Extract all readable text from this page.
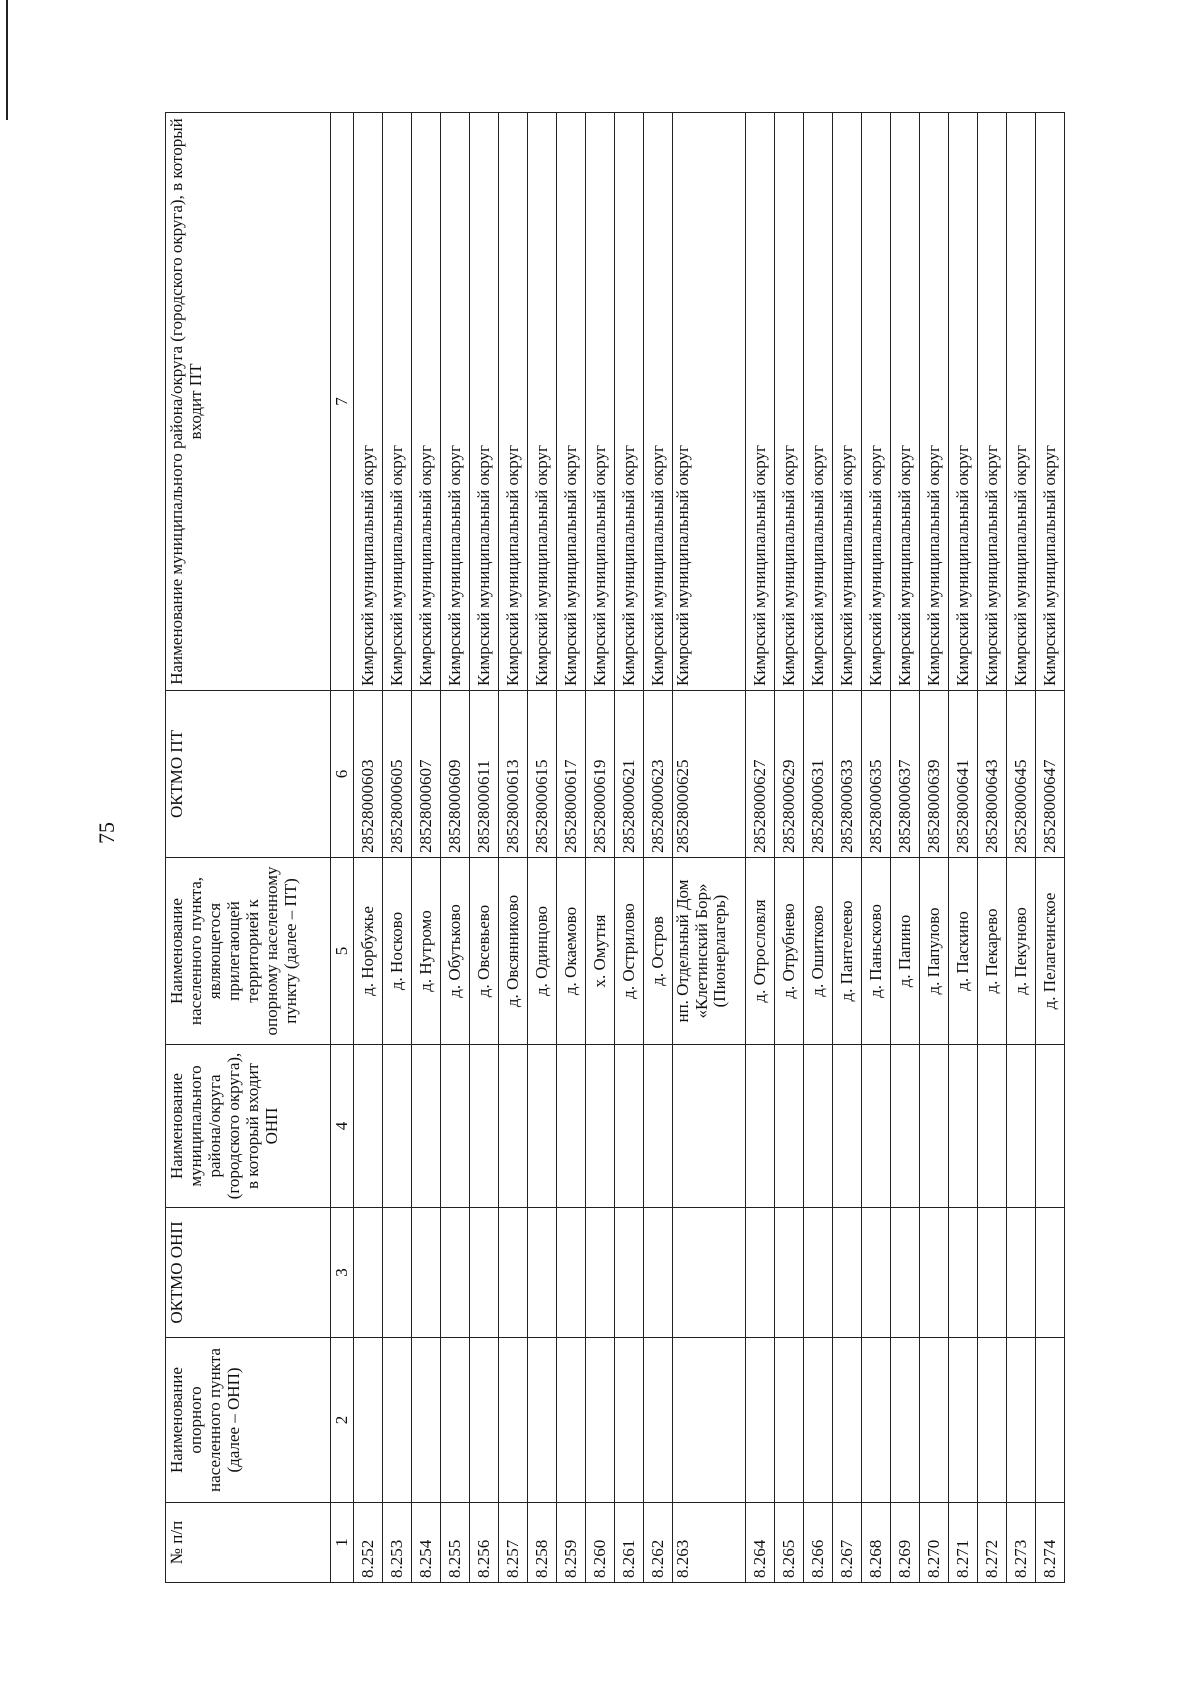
75
№ п/п	Наименование опорного населенного пункта (далее – ОНП)	ОКТМО ОНП	Наименование муниципального района/округа (городского округа), в который входит ОНП	Наименование населенного пункта, являющегося прилегающей территорией к опорному населенному пункту (далее – ПТ)	ОКТМО ПТ	Наименование муниципального района/округа (городского округа), в который входит ПТ
1	2	3	4	5	6	7
8.252				д. Норбужье	28528000603	Кимрский муниципальный округ
8.253				д. Носково	28528000605	Кимрский муниципальный округ
8.254				д. Нутромо	28528000607	Кимрский муниципальный округ
8.255				д. Обутьково	28528000609	Кимрский муниципальный округ
8.256				д. Овсевьево	28528000611	Кимрский муниципальный округ
8.257				д. Овсянниково	28528000613	Кимрский муниципальный округ
8.258				д. Одинцово	28528000615	Кимрский муниципальный округ
8.259				д. Окаемово	28528000617	Кимрский муниципальный округ
8.260				х. Омутня	28528000619	Кимрский муниципальный округ
8.261				д. Острилово	28528000621	Кимрский муниципальный округ
8.262				д. Остров	28528000623	Кимрский муниципальный округ
8.263				нп. Отдельный Дом «Клетинский Бор» (Пионерлагерь)	28528000625	Кимрский муниципальный округ
8.264				д. Отрословля	28528000627	Кимрский муниципальный округ
8.265				д. Отрубнево	28528000629	Кимрский муниципальный округ
8.266				д. Ошитково	28528000631	Кимрский муниципальный округ
8.267				д. Пантелеево	28528000633	Кимрский муниципальный округ
8.268				д. Паньсково	28528000635	Кимрский муниципальный округ
8.269				д. Папино	28528000637	Кимрский муниципальный округ
8.270				д. Папулово	28528000639	Кимрский муниципальный округ
8.271				д. Паскино	28528000641	Кимрский муниципальный округ
8.272				д. Пекарево	28528000643	Кимрский муниципальный округ
8.273				д. Пекуново	28528000645	Кимрский муниципальный округ
8.274				д. Пелагеинское	28528000647	Кимрский муниципальный округ
